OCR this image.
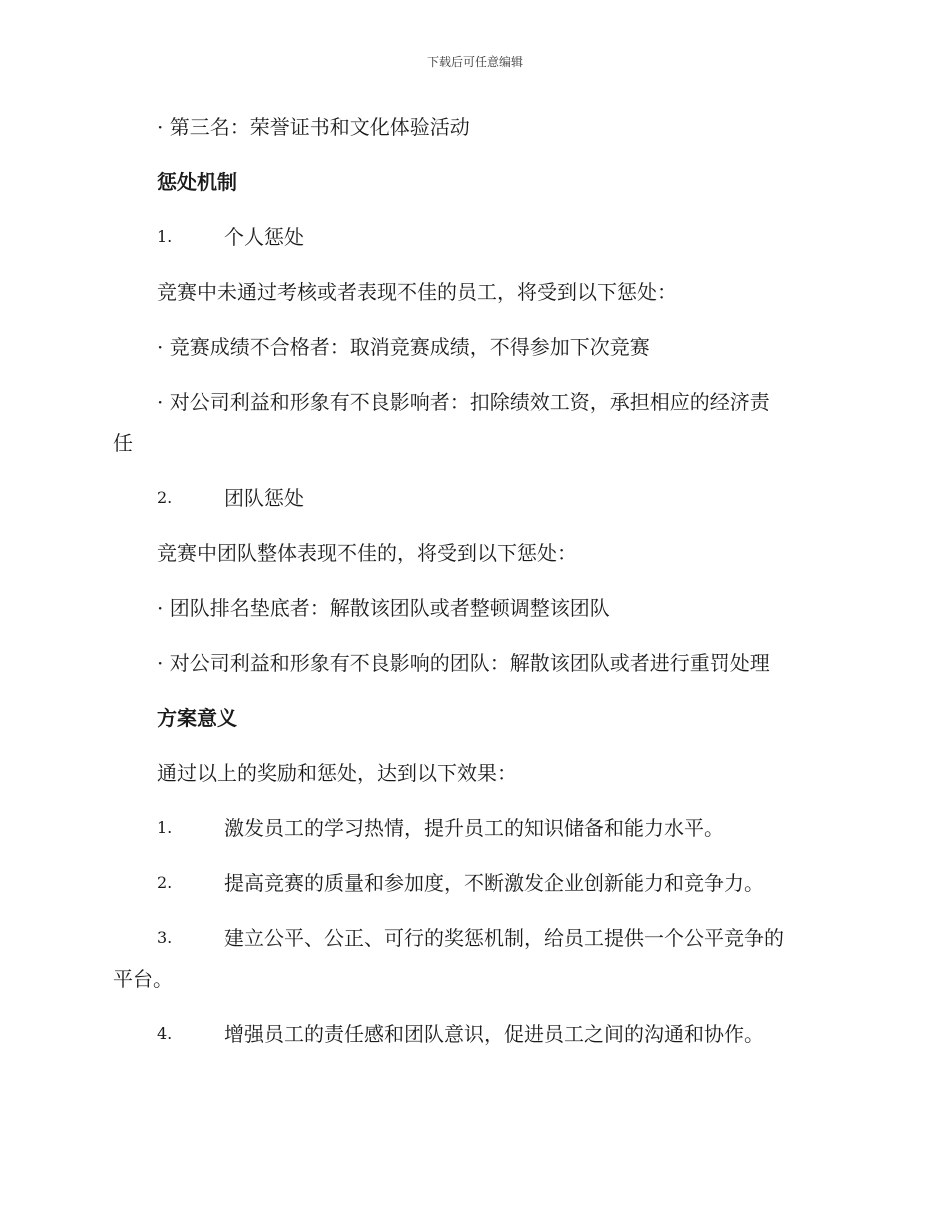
下载后可任意编辑
· 第三名：荣誉证书和文化体验活动
惩处机制
1.	个人惩处
竞赛中未通过考核或者表现不佳的员工，将受到以下惩处：
· 竞赛成绩不合格者：取消竞赛成绩，不得参加下次竞赛
· 对公司利益和形象有不良影响者：扣除绩效工资，承担相应的经济责
任
2.	团队惩处
竞赛中团队整体表现不佳的，将受到以下惩处：
· 团队排名垫底者：解散该团队或者整顿调整该团队
· 对公司利益和形象有不良影响的团队：解散该团队或者进行重罚处理
方案意义
通过以上的奖励和惩处，达到以下效果：
1.	激发员工的学习热情，提升员工的知识储备和能力水平。
2.	提高竞赛的质量和参加度，不断激发企业创新能力和竞争力。
3.	建立公平、公正、可行的奖惩机制，给员工提供一个公平竞争的
平台。
4.	增强员工的责任感和团队意识，促进员工之间的沟通和协作。
